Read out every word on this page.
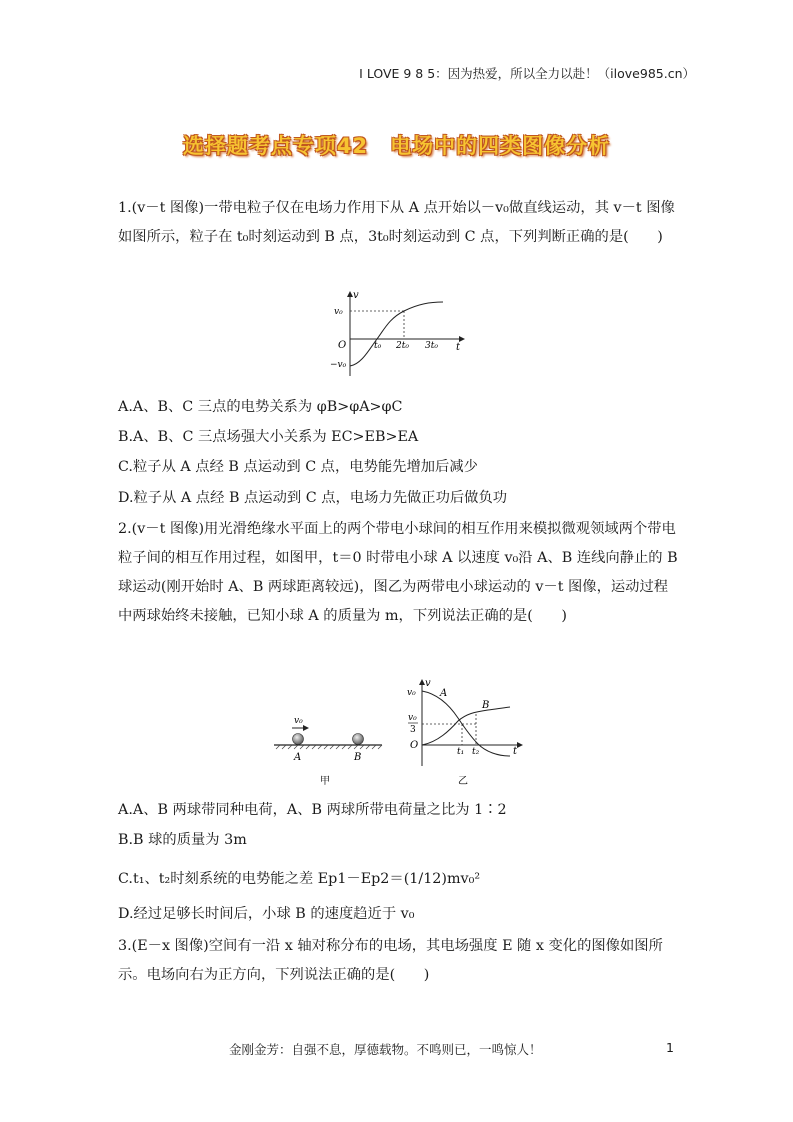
I LOVE 9 8 5：因为热爱，所以全力以赴！（ilove985.cn）
选择题考点专项42　电场中的四类图像分析
1.(v－t 图像)一带电粒子仅在电场力作用下从 A 点开始以－v₀做直线运动，其 v－t 图像如图所示，粒子在 t₀时刻运动到 B 点，3t₀时刻运动到 C 点，下列判断正确的是(　　)
v
t
O
v₀
−v₀
t₀ 2t₀ 3t₀
A.A、B、C 三点的电势关系为 φB>φA>φC
B.A、B、C 三点场强大小关系为 EC>EB>EA
C.粒子从 A 点经 B 点运动到 C 点，电势能先增加后减少
D.粒子从 A 点经 B 点运动到 C 点，电场力先做正功后做负功
2.(v－t 图像)用光滑绝缘水平面上的两个带电小球间的相互作用来模拟微观领域两个带电粒子间的相互作用过程，如图甲，t＝0 时带电小球 A 以速度 v₀沿 A、B 连线向静止的 B 球运动(刚开始时 A、B 两球距离较远)，图乙为两带电小球运动的 v－t 图像，运动过程中两球始终未接触，已知小球 A 的质量为 m，下列说法正确的是(　　)
v₀
A	B
甲
v
t
O
v₀
v₀
3
A
B
t₁ t₂
乙
A.A、B 两球带同种电荷，A、B 两球所带电荷量之比为 1∶2
B.B 球的质量为 3m
C.t₁、t₂时刻系统的电势能之差 Ep1－Ep2＝(1/12)mv₀²
D.经过足够长时间后，小球 B 的速度趋近于 v₀
3.(E－x 图像)空间有一沿 x 轴对称分布的电场，其电场强度 E 随 x 变化的图像如图所示。电场向右为正方向，下列说法正确的是(　　)
金刚金芳：自强不息，厚德载物。不鸣则已，一鸣惊人！	1
